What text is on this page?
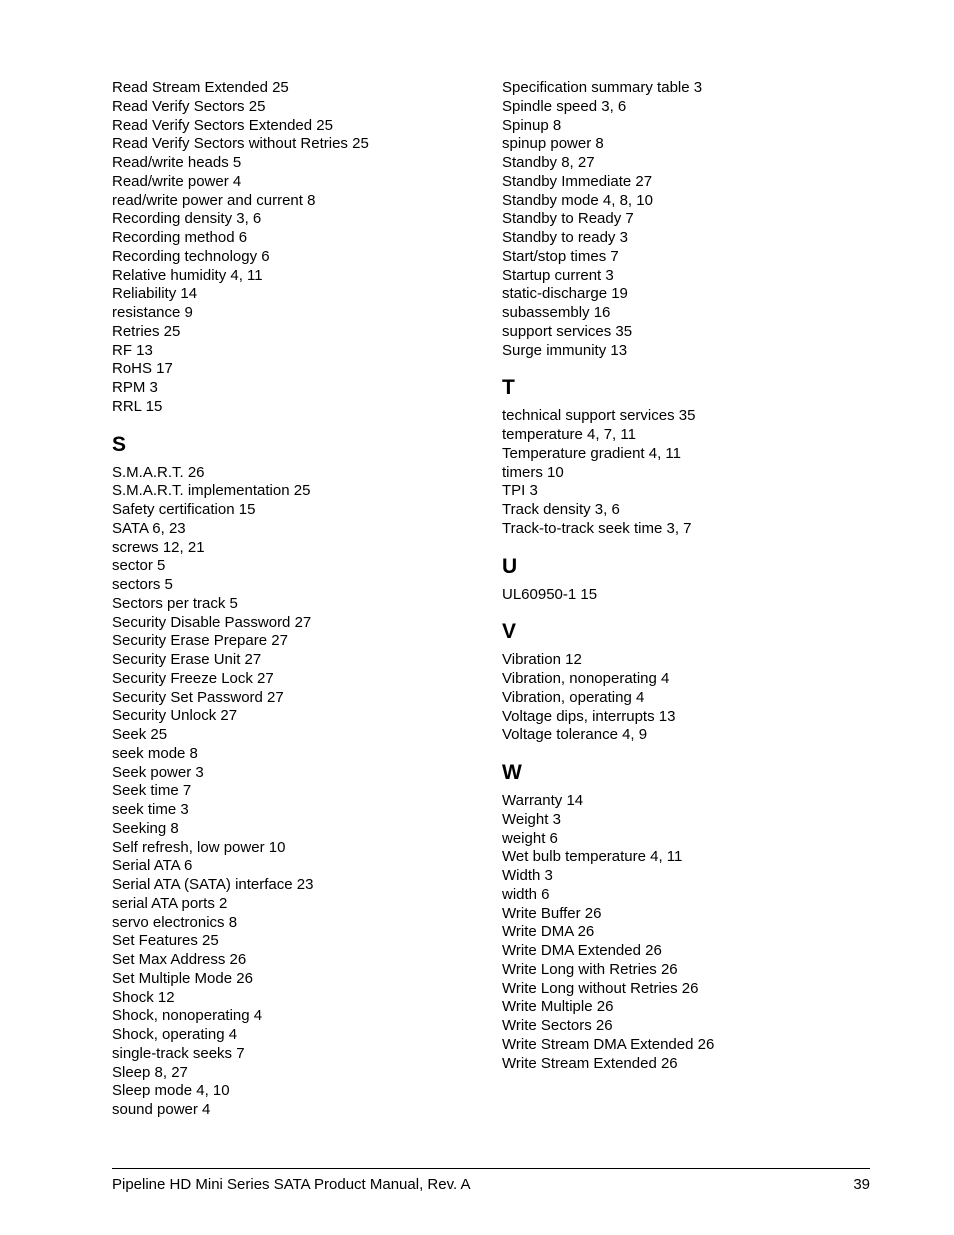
Read Stream Extended 25
Read Verify Sectors 25
Read Verify Sectors Extended 25
Read Verify Sectors without Retries 25
Read/write heads 5
Read/write power 4
read/write power and current 8
Recording density 3, 6
Recording method 6
Recording technology 6
Relative humidity 4, 11
Reliability 14
resistance 9
Retries 25
RF 13
RoHS 17
RPM 3
RRL 15
S
S.M.A.R.T. 26
S.M.A.R.T. implementation 25
Safety certification 15
SATA 6, 23
screws 12, 21
sector 5
sectors 5
Sectors per track 5
Security Disable Password 27
Security Erase Prepare 27
Security Erase Unit 27
Security Freeze Lock 27
Security Set Password 27
Security Unlock 27
Seek 25
seek mode 8
Seek power 3
Seek time 7
seek time 3
Seeking 8
Self refresh, low power 10
Serial ATA 6
Serial ATA (SATA) interface 23
serial ATA ports 2
servo electronics 8
Set Features 25
Set Max Address 26
Set Multiple Mode 26
Shock 12
Shock, nonoperating 4
Shock, operating 4
single-track seeks 7
Sleep 8, 27
Sleep mode 4, 10
sound power 4
Specification summary table 3
Spindle speed 3, 6
Spinup 8
spinup power 8
Standby 8, 27
Standby Immediate 27
Standby mode 4, 8, 10
Standby to Ready 7
Standby to ready 3
Start/stop times 7
Startup current 3
static-discharge 19
subassembly 16
support services 35
Surge immunity 13
T
technical support services 35
temperature 4, 7, 11
Temperature gradient 4, 11
timers 10
TPI 3
Track density 3, 6
Track-to-track seek time 3, 7
U
UL60950-1 15
V
Vibration 12
Vibration, nonoperating 4
Vibration, operating 4
Voltage dips, interrupts 13
Voltage tolerance 4, 9
W
Warranty 14
Weight 3
weight 6
Wet bulb temperature 4, 11
Width 3
width 6
Write Buffer 26
Write DMA 26
Write DMA Extended 26
Write Long with Retries 26
Write Long without Retries 26
Write Multiple 26
Write Sectors 26
Write Stream DMA Extended 26
Write Stream Extended 26
Pipeline HD Mini Series SATA Product Manual, Rev. A	39
